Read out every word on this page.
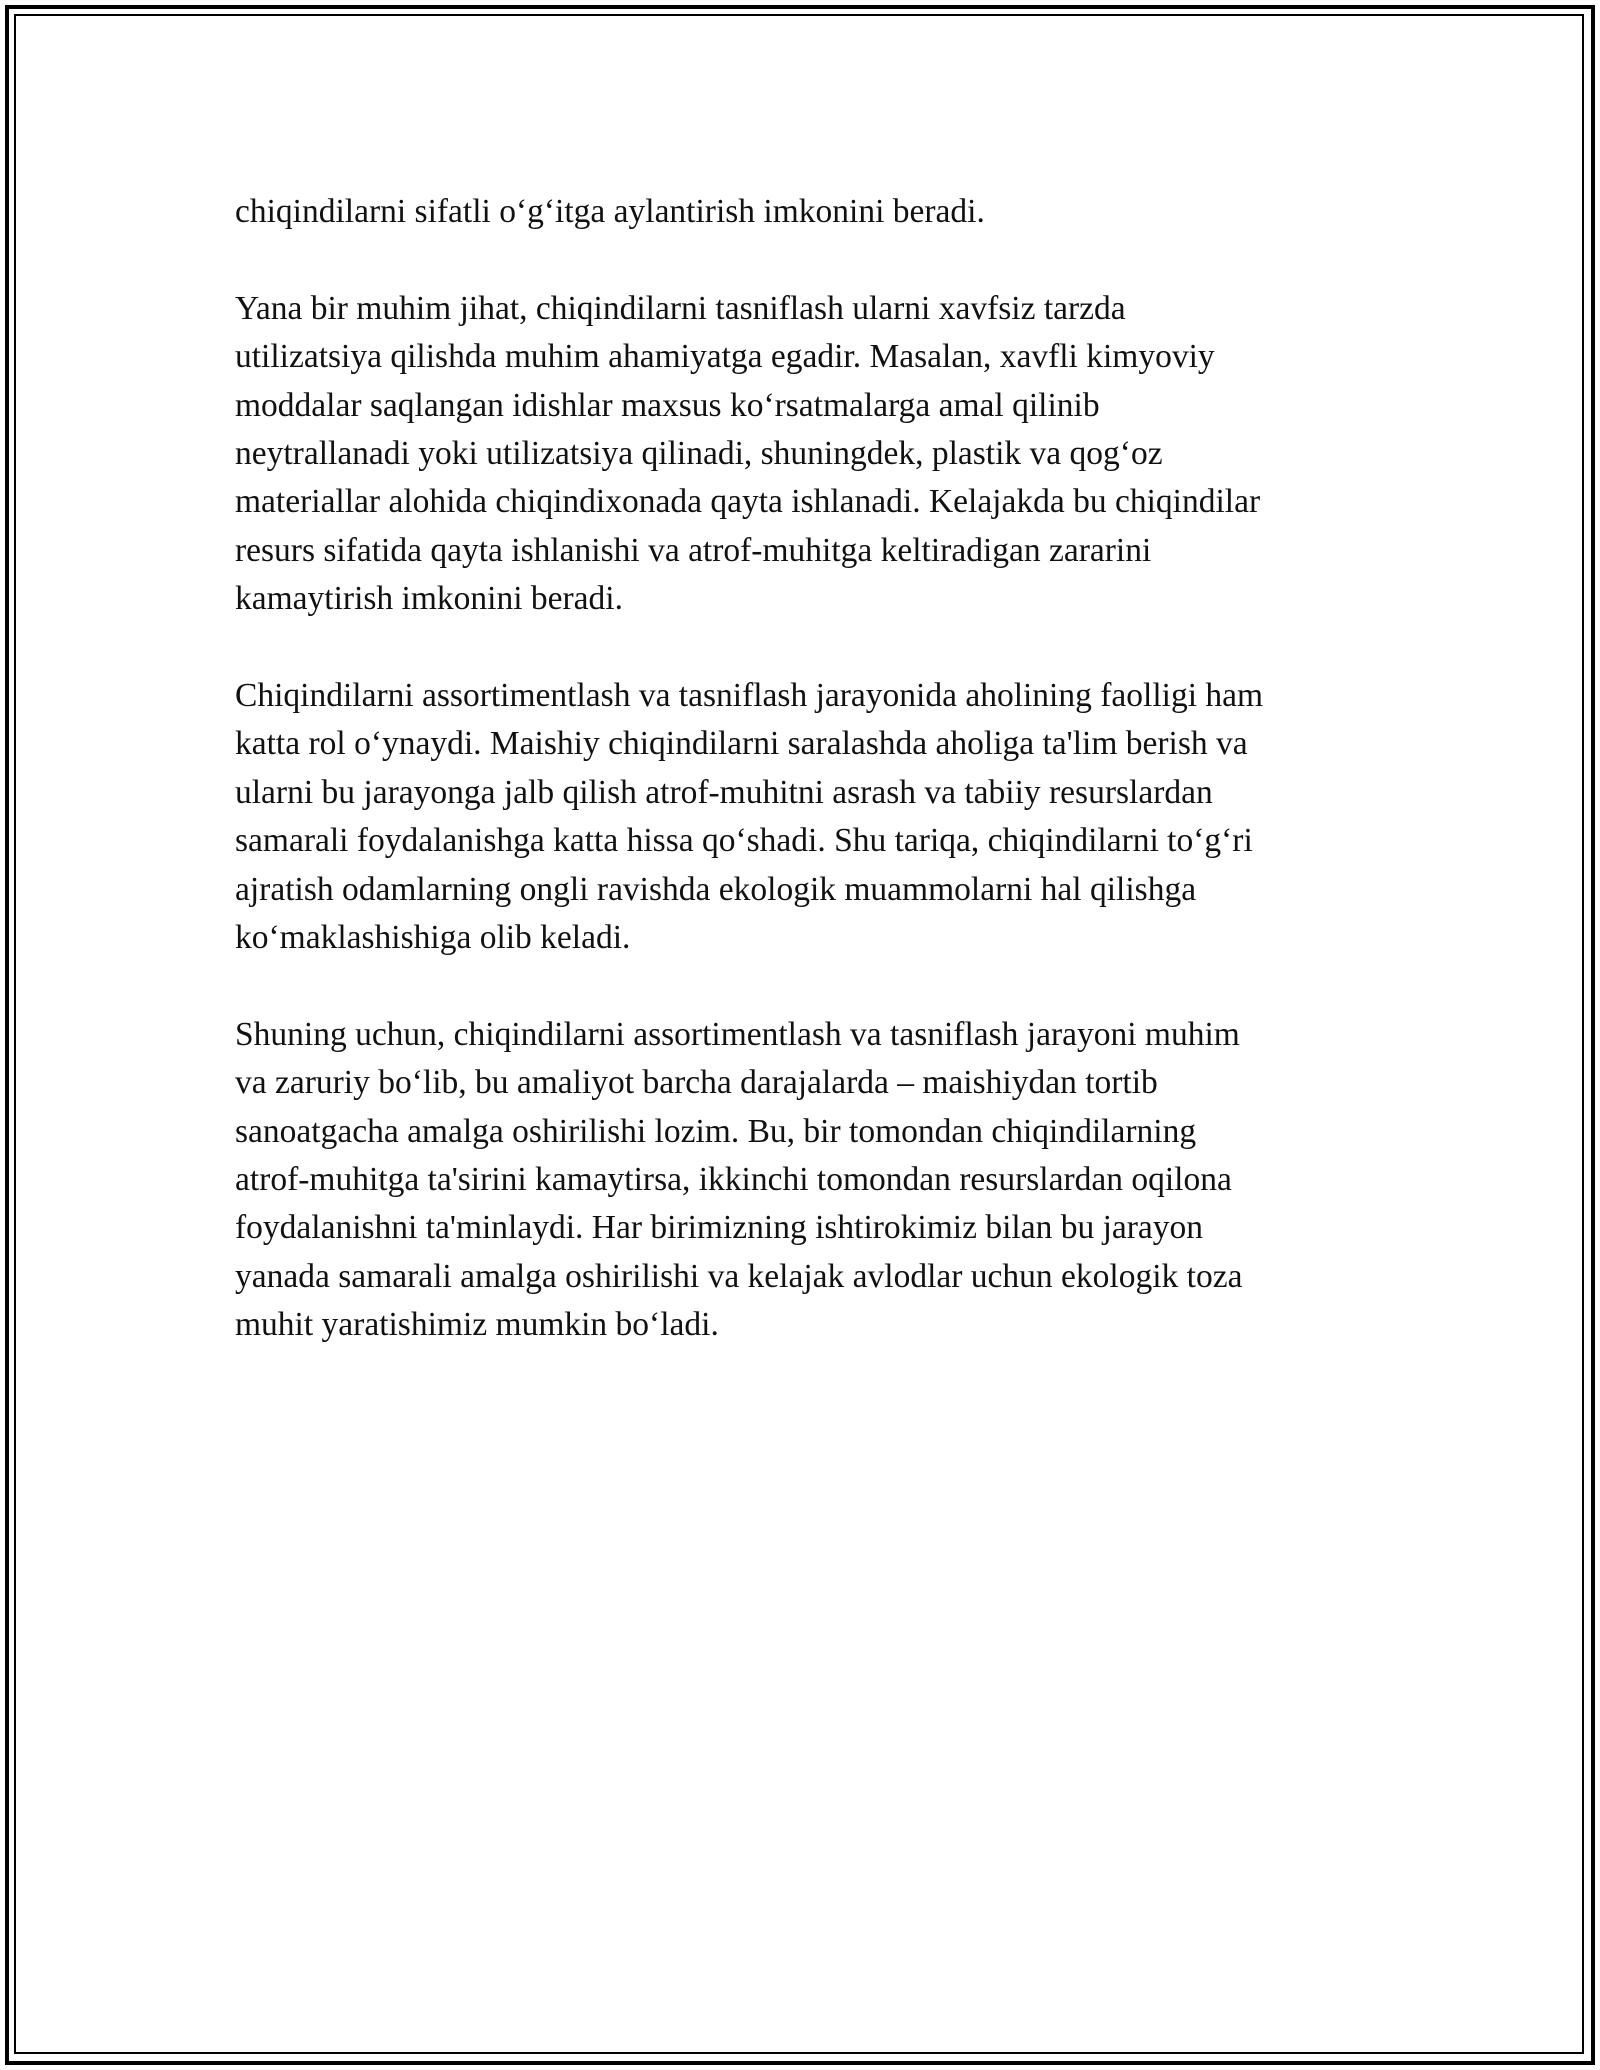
chiqindilarni sifatli o‘g‘itga aylantirish imkonini beradi.

Yana bir muhim jihat, chiqindilarni tasniflash ularni xavfsiz tarzda
utilizatsiya qilishda muhim ahamiyatga egadir. Masalan, xavfli kimyoviy
moddalar saqlangan idishlar maxsus ko‘rsatmalarga amal qilinib
neytrallanadi yoki utilizatsiya qilinadi, shuningdek, plastik va qog‘oz
materiallar alohida chiqindixonada qayta ishlanadi. Kelajakda bu chiqindilar
resurs sifatida qayta ishlanishi va atrof-muhitga keltiradigan zararini
kamaytirish imkonini beradi.

Chiqindilarni assortimentlash va tasniflash jarayonida aholining faolligi ham
katta rol o‘ynaydi. Maishiy chiqindilarni saralashda aholiga ta'lim berish va
ularni bu jarayonga jalb qilish atrof-muhitni asrash va tabiiy resurslardan
samarali foydalanishga katta hissa qo‘shadi. Shu tariqa, chiqindilarni to‘g‘ri
ajratish odamlarning ongli ravishda ekologik muammolarni hal qilishga
ko‘maklashishiga olib keladi.

Shuning uchun, chiqindilarni assortimentlash va tasniflash jarayoni muhim
va zaruriy bo‘lib, bu amaliyot barcha darajalarda – maishiydan tortib
sanoatgacha amalga oshirilishi lozim. Bu, bir tomondan chiqindilarning
atrof-muhitga ta'sirini kamaytirsa, ikkinchi tomondan resurslardan oqilona
foydalanishni ta'minlaydi. Har birimizning ishtirokimiz bilan bu jarayon
yanada samarali amalga oshirilishi va kelajak avlodlar uchun ekologik toza
muhit yaratishimiz mumkin bo‘ladi.
